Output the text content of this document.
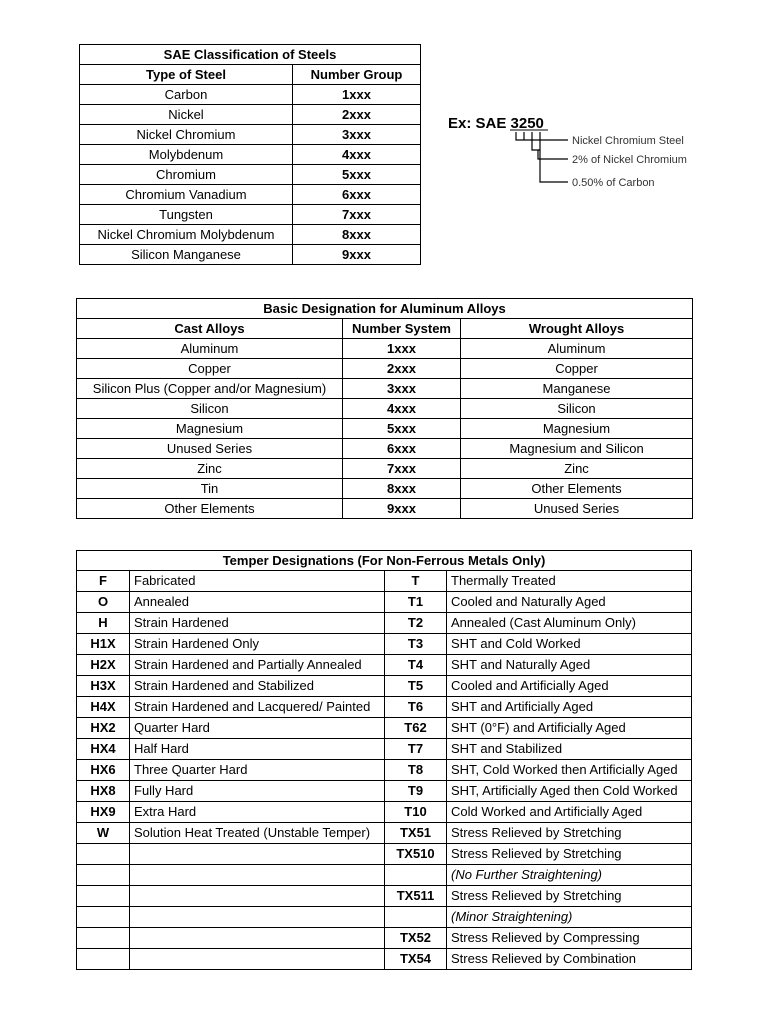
SAE Classification of Steels	
Type of Steel	Number Group
Carbon	1xxx
Nickel	2xxx
Nickel Chromium	3xxx
Molybdenum	4xxx
Chromium	5xxx
Chromium Vanadium	6xxx
Tungsten	7xxx
Nickel Chromium Molybdenum	8xxx
Silicon Manganese	9xxx
Ex: SAE 3250
Nickel Chromium Steel
2% of Nickel Chromium
0.50% of Carbon
Basic Designation for Aluminum Alloys		
Cast Alloys	Number System	Wrought Alloys
Aluminum	1xxx	Aluminum
Copper	2xxx	Copper
Silicon Plus (Copper and/or Magnesium)	3xxx	Manganese
Silicon	4xxx	Silicon
Magnesium	5xxx	Magnesium
Unused Series	6xxx	Magnesium and Silicon
Zinc	7xxx	Zinc
Tin	8xxx	Other Elements
Other Elements	9xxx	Unused Series
Temper Designations (For Non-Ferrous Metals Only)			
F	Fabricated	T	Thermally Treated
O	Annealed	T1	Cooled and Naturally Aged
H	Strain Hardened	T2	Annealed (Cast Aluminum Only)
H1X	Strain Hardened Only	T3	SHT and Cold Worked
H2X	Strain Hardened and Partially Annealed	T4	SHT and Naturally Aged
H3X	Strain Hardened and Stabilized	T5	Cooled and Artificially Aged
H4X	Strain Hardened and Lacquered/ Painted	T6	SHT and Artificially Aged
HX2	Quarter Hard	T62	SHT (0°F) and Artificially Aged
HX4	Half Hard	T7	SHT and Stabilized
HX6	Three Quarter Hard	T8	SHT, Cold Worked then Artificially Aged
HX8	Fully Hard	T9	SHT, Artificially Aged then Cold Worked
HX9	Extra Hard	T10	Cold Worked and Artificially Aged
W	Solution Heat Treated (Unstable Temper)	TX51	Stress Relieved by Stretching
		TX510	Stress Relieved by Stretching
			(No Further Straightening)
		TX511	Stress Relieved by Stretching
			(Minor Straightening)
		TX52	Stress Relieved by Compressing
		TX54	Stress Relieved by Combination
